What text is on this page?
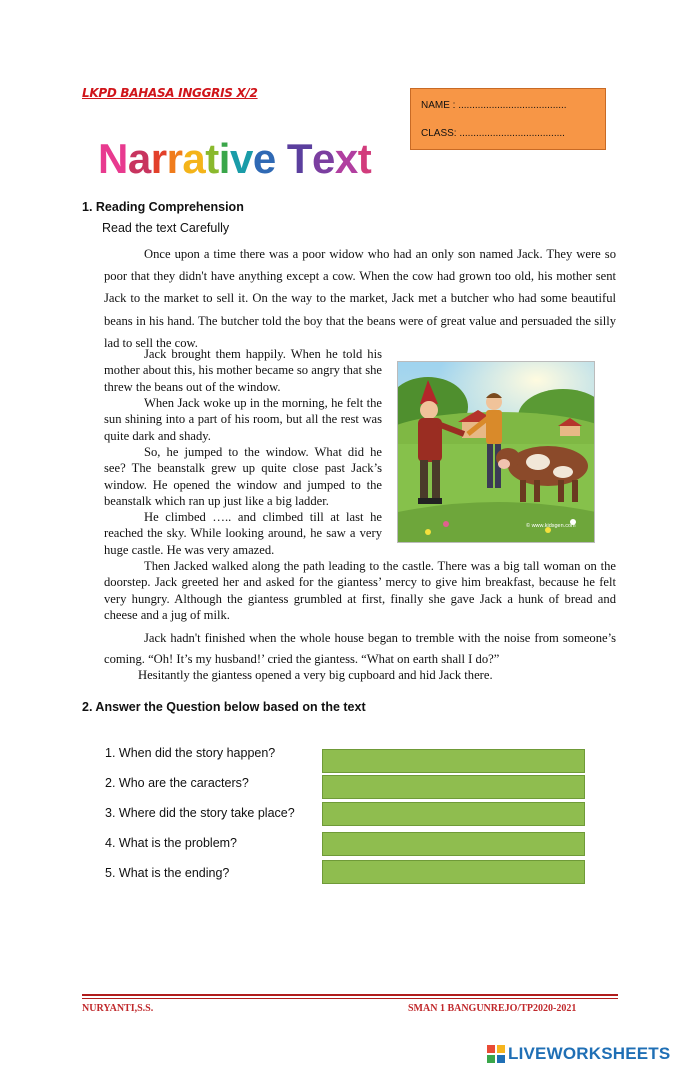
LKPD BAHASA INGGRIS X/2
NAME : .......................................
CLASS: ......................................
Narrative Text
1. Reading Comprehension
Read the text Carefully
Once upon a time there was a poor widow who had an only son named Jack. They were so poor that they didn't have anything except a cow. When the cow had grown too old, his mother sent Jack to the market to sell it. On the way to the market, Jack met a butcher who had some beautiful beans in his hand. The butcher told the boy that the beans were of great value and persuaded the silly lad to sell the cow.
Jack brought them happily. When he told his mother about this, his mother became so angry that she threw the beans out of the window.
When Jack woke up in the morning, he felt the sun shining into a part of his room, but all the rest was quite dark and shady.
So, he jumped to the window. What did he see? The beanstalk grew up quite close past Jack’s window. He opened the window and jumped to the beanstalk which ran up just like a big ladder.
He climbed ….. and climbed till at last he reached the sky. While looking around, he saw a very huge castle. He was very amazed.
Then Jacked walked along the path leading to the castle. There was a big tall woman on the doorstep. Jack greeted her and asked for the giantess’ mercy to give him breakfast, because he felt very hungry. Although the giantess grumbled at first, finally she gave Jack a hunk of bread and cheese and a jug of milk.
Jack hadn't finished when the whole house began to tremble with the noise from someone’s coming. “Oh! It’s my husband!’ cried the giantess. “What on earth shall I do?”
Hesitantly the giantess opened a very big cupboard and hid Jack there.
© www.kidsgen.com
2. Answer the Question below based on the text
1. When did the story happen?
2. Who are the caracters?
3. Where did the story take place?
4. What is the problem?
5. What is the ending?
NURYANTI,S.S.	SMAN 1 BANGUNREJO/TP2020-2021
LIVEWORKSHEETS
